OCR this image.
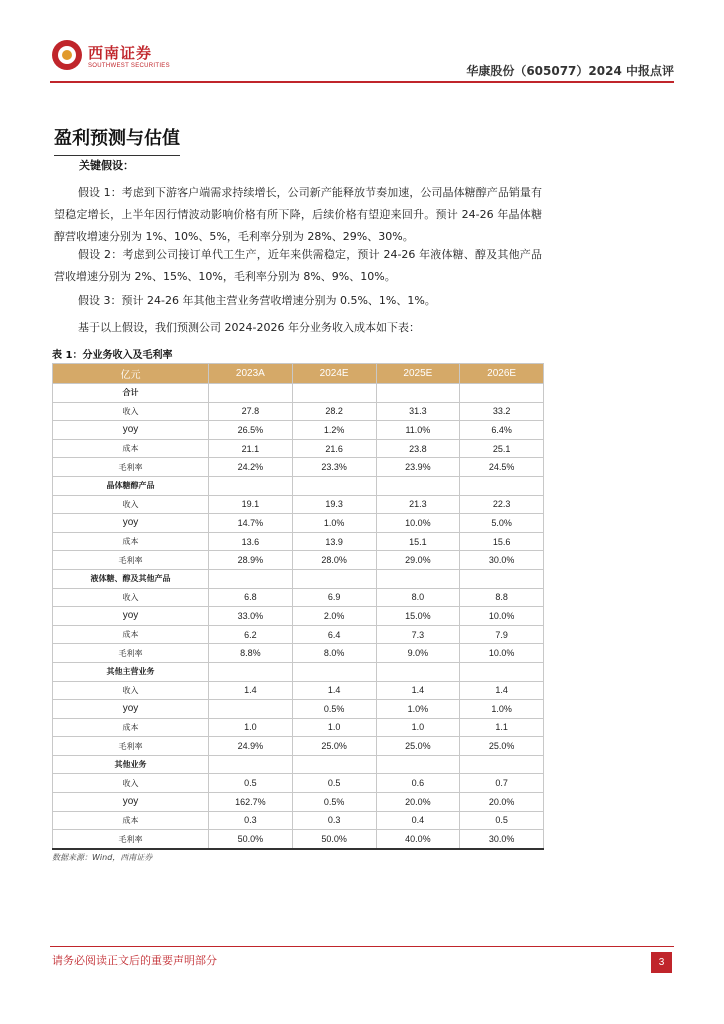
西南证券
SOUTHWEST SECURITIES	华康股份（605077）2024 中报点评
盈利预测与估值
关键假设：

假设 1：考虑到下游客户端需求持续增长，公司新产能释放节奏加速，公司晶体糖醇产品销量有望稳定增长，上半年因行情波动影响价格有所下降，后续价格有望迎来回升。预计 24-26 年晶体糖醇营收增速分别为 1%、10%、5%，毛利率分别为 28%、29%、30%。

假设 2：考虑到公司接订单代工生产，近年来供需稳定，预计 24-26 年液体糖、醇及其他产品营收增速分别为 2%、15%、10%，毛利率分别为 8%、9%、10%。

假设 3：预计 24-26 年其他主营业务营收增速分别为 0.5%、1%、1%。

基于以上假设，我们预测公司 2024-2026 年分业务收入成本如下表：

表 1：分业务收入及毛利率
亿元	2023A	2024E	2025E	2026E
合计				
收入	27.8	28.2	31.3	33.2
yoy	26.5%	1.2%	11.0%	6.4%
成本	21.1	21.6	23.8	25.1
毛利率	24.2%	23.3%	23.9%	24.5%
晶体糖醇产品				
收入	19.1	19.3	21.3	22.3
yoy	14.7%	1.0%	10.0%	5.0%
成本	13.6	13.9	15.1	15.6
毛利率	28.9%	28.0%	29.0%	30.0%
液体糖、醇及其他产品				
收入	6.8	6.9	8.0	8.8
yoy	33.0%	2.0%	15.0%	10.0%
成本	6.2	6.4	7.3	7.9
毛利率	8.8%	8.0%	9.0%	10.0%
其他主营业务				
收入	1.4	1.4	1.4	1.4
yoy		0.5%	1.0%	1.0%
成本	1.0	1.0	1.0	1.1
毛利率	24.9%	25.0%	25.0%	25.0%
其他业务				
收入	0.5	0.5	0.6	0.7
yoy	162.7%	0.5%	20.0%	20.0%
成本	0.3	0.3	0.4	0.5
毛利率	50.0%	50.0%	40.0%	30.0%
数据来源：Wind，西南证券
请务必阅读正文后的重要声明部分	3
